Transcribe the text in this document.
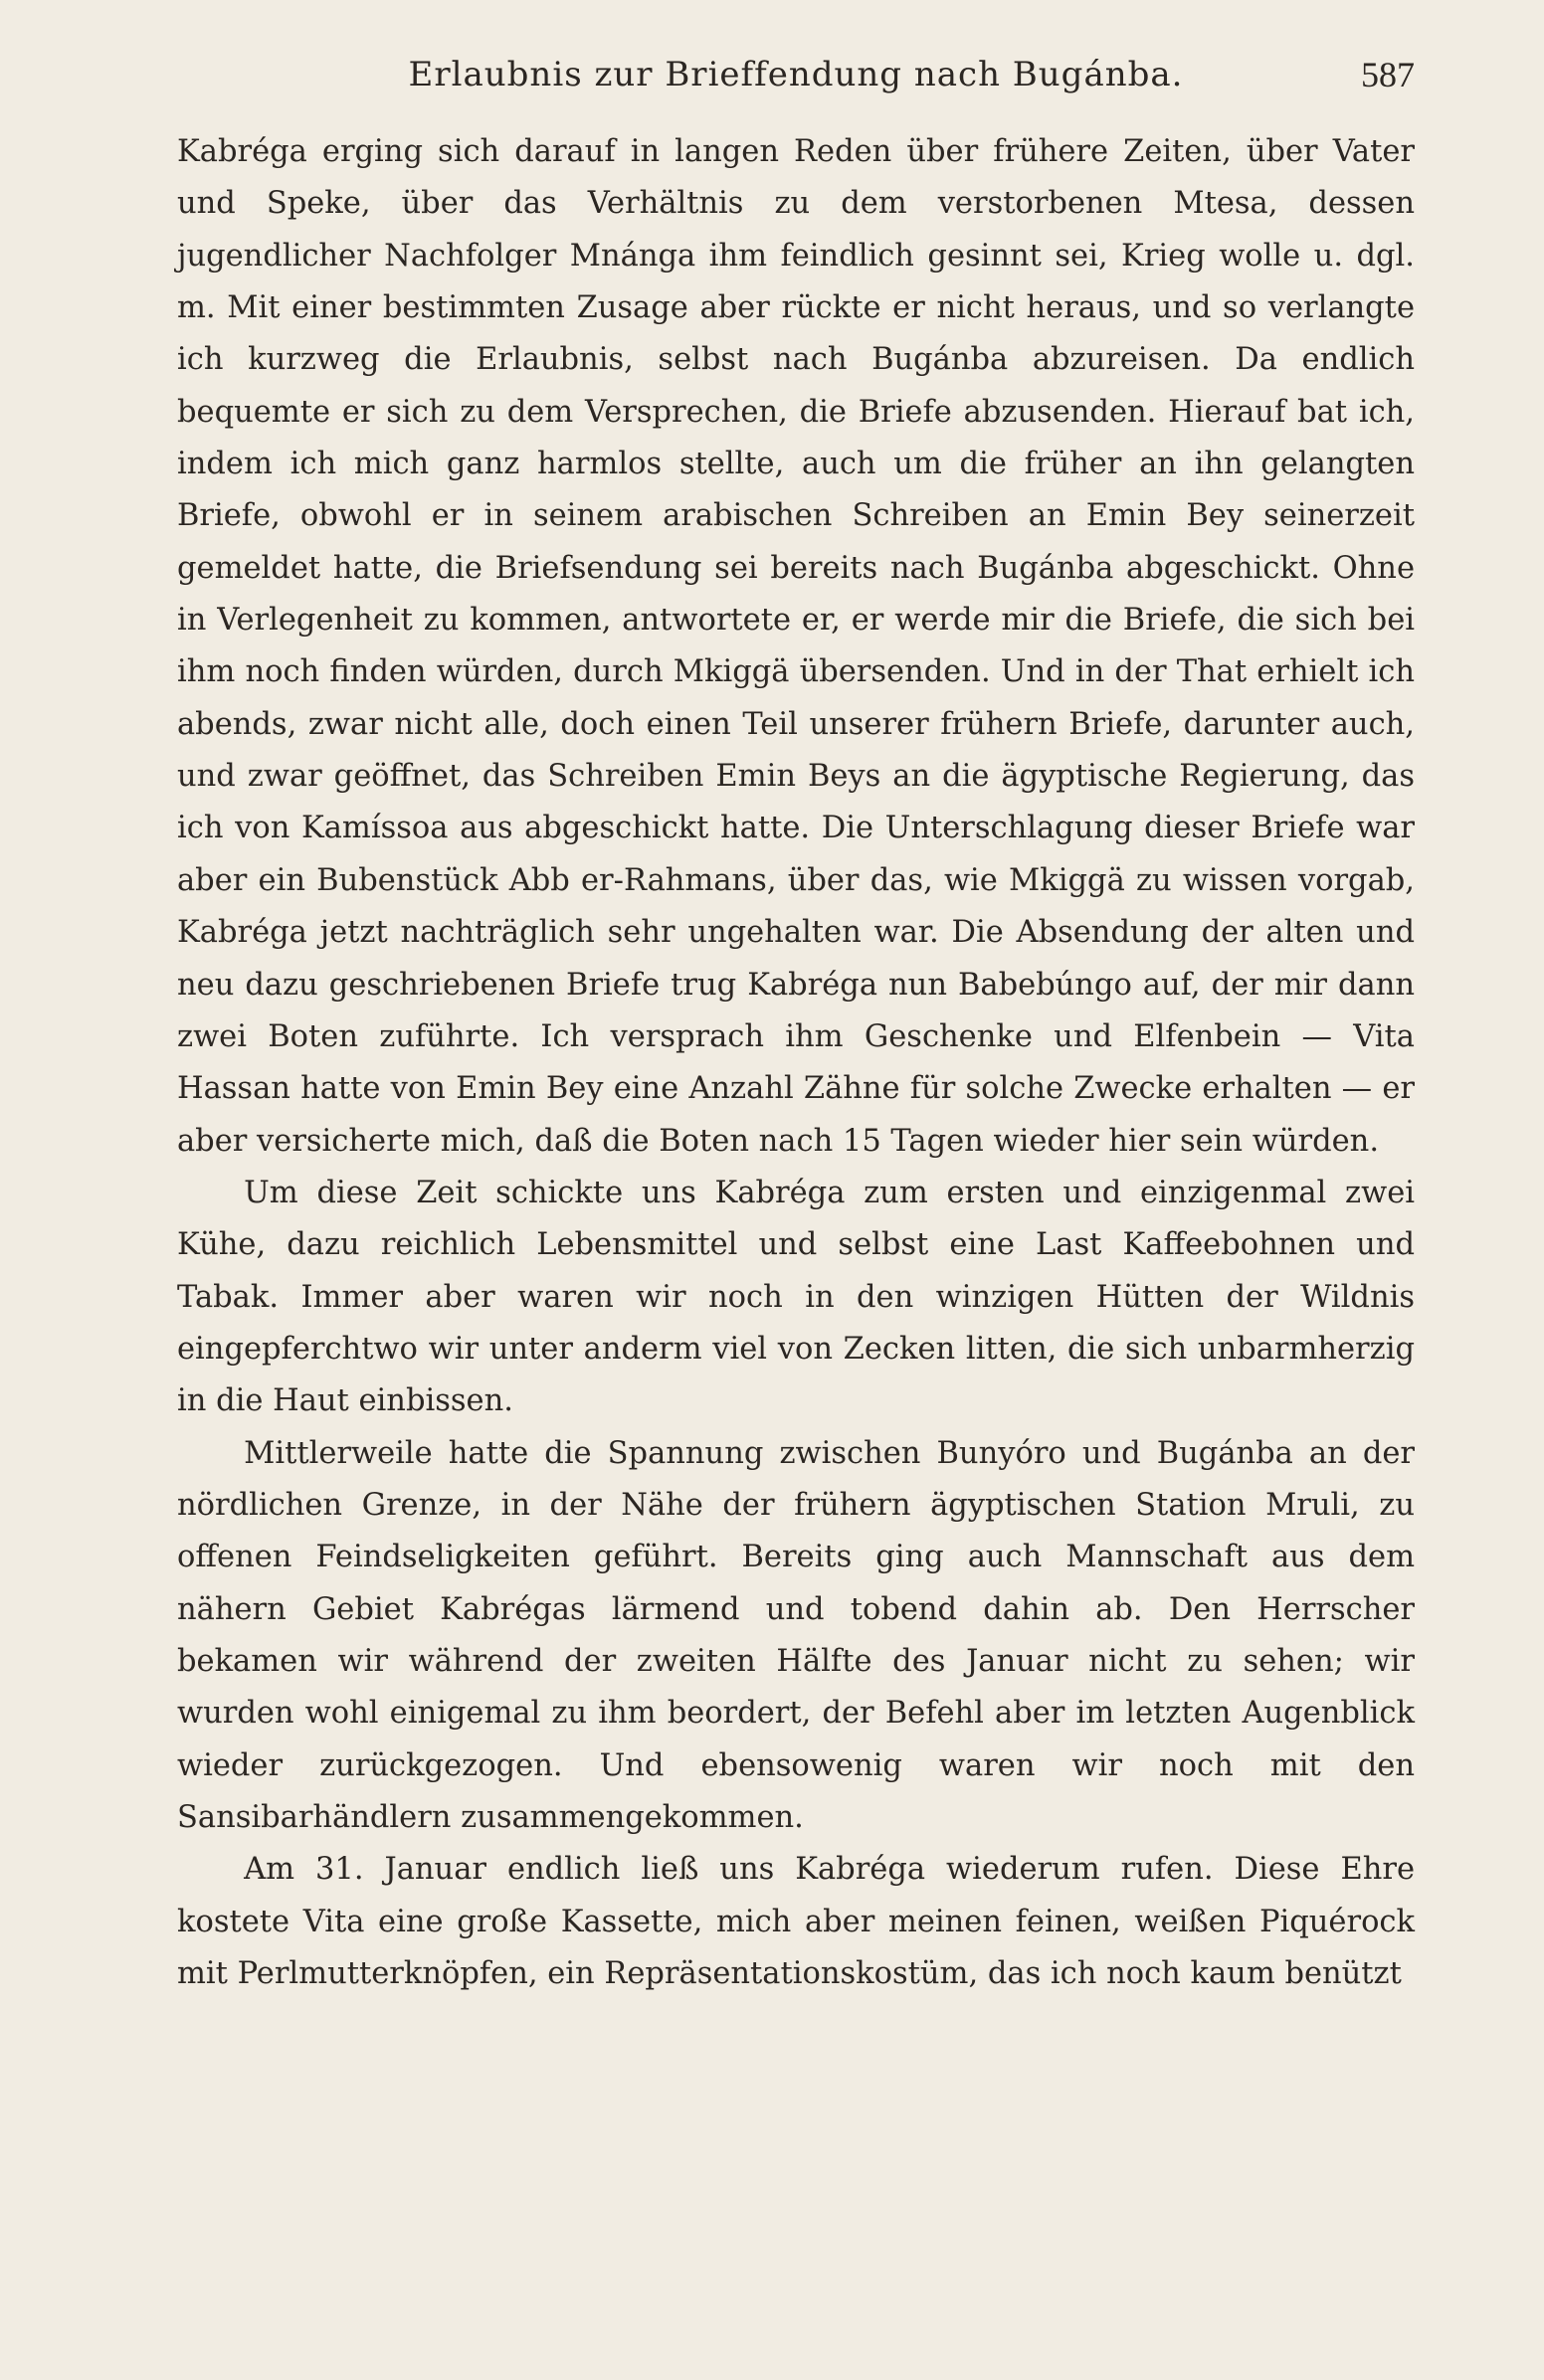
Erlaubnis zur Brieffendung nach Bugánba.	587

Kabréga erging sich darauf in langen Reden über frühere Zeiten, über Vater und Speke, über das Verhältnis zu dem verstorbenen Mtesa, dessen jugendlicher Nachfolger Mnánga ihm feindlich gesinnt sei, Krieg wolle u. dgl. m. Mit einer bestimmten Zusage aber rückte er nicht heraus, und so verlangte ich kurzweg die Erlaubnis, selbst nach Bugánba abzureisen. Da endlich bequemte er sich zu dem Versprechen, die Briefe abzusenden. Hierauf bat ich, indem ich mich ganz harmlos stellte, auch um die früher an ihn gelangten Briefe, obwohl er in seinem arabischen Schreiben an Emin Bey seinerzeit gemeldet hatte, die Briefsendung sei bereits nach Bugánba abgeschickt. Ohne in Verlegenheit zu kommen, antwortete er, er werde mir die Briefe, die sich bei ihm noch finden würden, durch Mkiggä übersenden. Und in der That erhielt ich abends, zwar nicht alle, doch einen Teil unserer frühern Briefe, darunter auch, und zwar geöffnet, das Schreiben Emin Beys an die ägyptische Regierung, das ich von Kamíssoa aus abgeschickt hatte. Die Unterschlagung dieser Briefe war aber ein Bubenstück Abb er-Rahmans, über das, wie Mkiggä zu wissen vorgab, Kabréga jetzt nachträglich sehr ungehalten war. Die Absendung der alten und neu dazu geschriebenen Briefe trug Kabréga nun Babebúngo auf, der mir dann zwei Boten zuführte. Ich versprach ihm Geschenke und Elfenbein — Vita Hassan hatte von Emin Bey eine Anzahl Zähne für solche Zwecke erhalten — er aber versicherte mich, daß die Boten nach 15 Tagen wieder hier sein würden.

Um diese Zeit schickte uns Kabréga zum ersten und einzigenmal zwei Kühe, dazu reichlich Lebensmittel und selbst eine Last Kaffeebohnen und Tabak. Immer aber waren wir noch in den winzigen Hütten der Wildnis eingepferchtwo wir unter anderm viel von Zecken litten, die sich unbarmherzig in die Haut einbissen.

Mittlerweile hatte die Spannung zwischen Bunyóro und Bugánba an der nördlichen Grenze, in der Nähe der frühern ägyptischen Station Mruli, zu offenen Feindseligkeiten geführt. Bereits ging auch Mannschaft aus dem nähern Gebiet Kabrégas lärmend und tobend dahin ab. Den Herrscher bekamen wir während der zweiten Hälfte des Januar nicht zu sehen; wir wurden wohl einigemal zu ihm beordert, der Befehl aber im letzten Augenblick wieder zurückgezogen. Und ebensowenig waren wir noch mit den Sansibarhändlern zusammengekommen.

Am 31. Januar endlich ließ uns Kabréga wiederum rufen. Diese Ehre kostete Vita eine große Kassette, mich aber meinen feinen, weißen Piquérock mit Perlmutterknöpfen, ein Repräsentationskostüm, das ich noch kaum benützt
